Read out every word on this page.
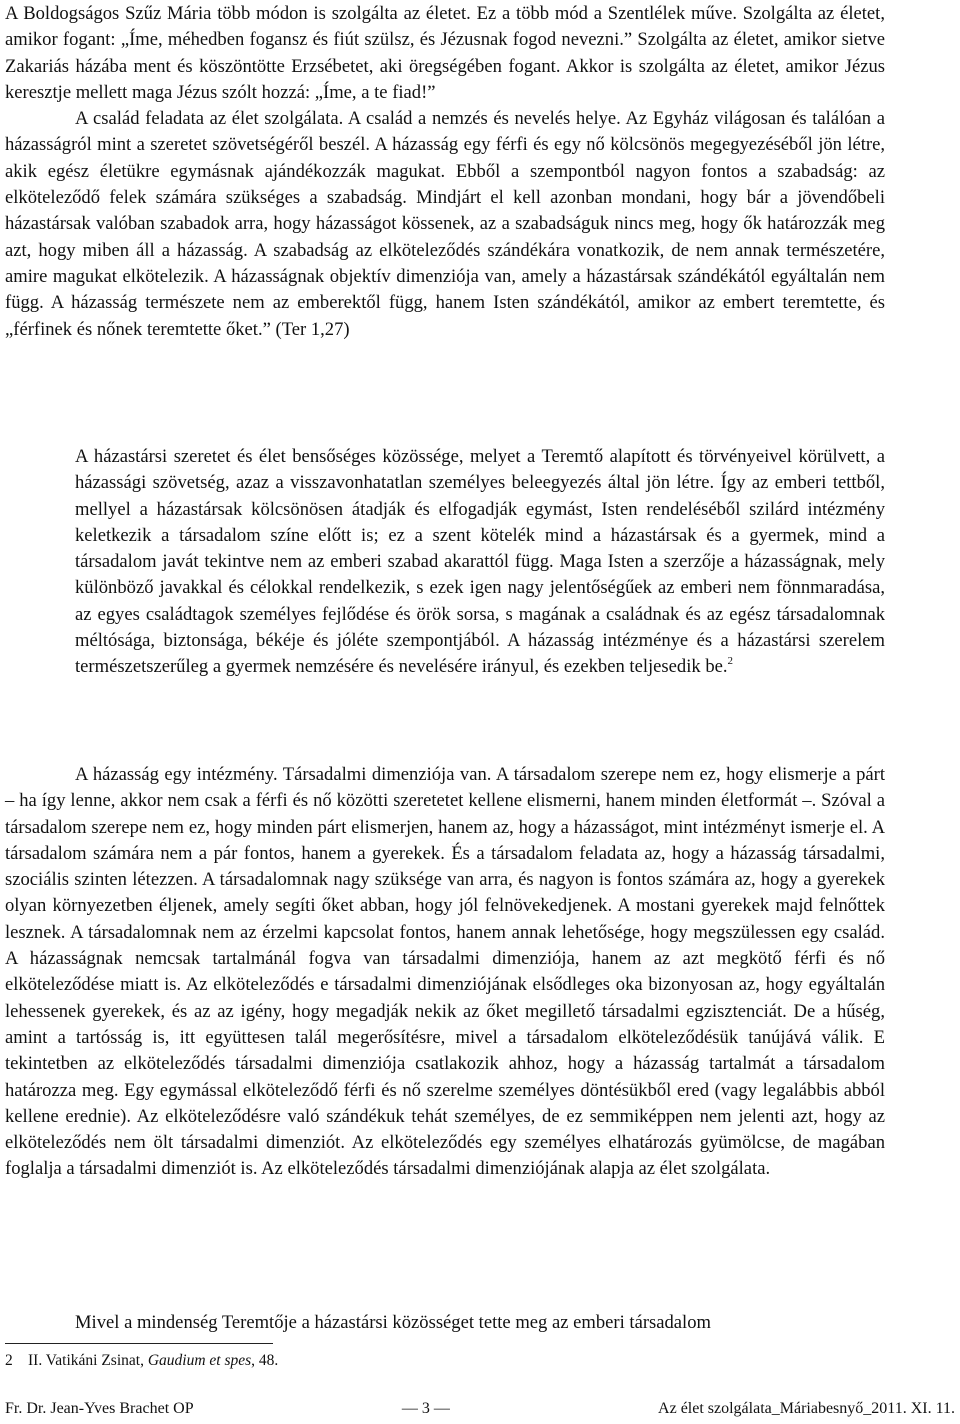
A Boldogságos Szűz Mária több módon is szolgálta az életet. Ez a több mód a Szentlélek műve. Szolgálta az életet, amikor fogant: „Íme, méhedben fogansz és fiút szülsz, és Jézusnak fogod nevezni.” Szolgálta az életet, amikor sietve Zakariás házába ment és köszöntötte Erzsébetet, aki öregségében fogant. Akkor is szolgálta az életet, amikor Jézus keresztje mellett maga Jézus szólt hozzá: „Íme, a te fiad!”
A család feladata az élet szolgálata. A család a nemzés és nevelés helye. Az Egyház világosan és találóan a házasságról mint a szeretet szövetségéről beszél. A házasság egy férfi és egy nő kölcsönös megegyezéséből jön létre, akik egész életükre egymásnak ajándékozzák magukat. Ebből a szempontból nagyon fontos a szabadság: az elköteleződő felek számára szükséges a szabadság. Mindjárt el kell azonban mondani, hogy bár a jövendőbeli házastársak valóban szabadok arra, hogy házasságot kössenek, az a szabadságuk nincs meg, hogy ők határozzák meg azt, hogy miben áll a házasság. A szabadság az elköteleződés szándékára vonatkozik, de nem annak természetére, amire magukat elkötelezik. A házasságnak objektív dimenziója van, amely a házastársak szándékától egyáltalán nem függ. A házasság természete nem az emberektől függ, hanem Isten szándékától, amikor az embert teremtette, és „férfinek és nőnek teremtette őket.” (Ter 1,27)

A házastársi szeretet és élet bensőséges közössége, melyet a Teremtő alapított és törvényeivel körülvett, a házassági szövetség, azaz a visszavonhatatlan személyes beleegyezés által jön létre. Így az emberi tettből, mellyel a házastársak kölcsönösen átadják és elfogadják egymást, Isten rendeléséből szilárd intézmény keletkezik a társadalom színe előtt is; ez a szent kötelék mind a házastársak és a gyermek, mind a társadalom javát tekintve nem az emberi szabad akarattól függ. Maga Isten a szerzője a házasságnak, mely különböző javakkal és célokkal rendelkezik, s ezek igen nagy jelentőségűek az emberi nem fönnmaradása, az egyes családtagok személyes fejlődése és örök sorsa, s magának a családnak és az egész társadalomnak méltósága, biztonsága, békéje és jóléte szempontjából. A házasság intézménye és a házastársi szerelem természetszerűleg a gyermek nemzésére és nevelésére irányul, és ezekben teljesedik be.$^2$

A házasság egy intézmény. Társadalmi dimenziója van. A társadalom szerepe nem ez, hogy elismerje a párt – ha így lenne, akkor nem csak a férfi és nő közötti szeretetet kellene elismerni, hanem minden életformát –. Szóval a társadalom szerepe nem ez, hogy minden párt elismerjen, hanem az, hogy a házasságot, mint intézményt ismerje el. A társadalom számára nem a pár fontos, hanem a gyerekek. És a társadalom feladata az, hogy a házasság társadalmi, szociális szinten létezzen. A társadalomnak nagy szüksége van arra, és nagyon is fontos számára az, hogy a gyerekek olyan környezetben éljenek, amely segíti őket abban, hogy jól felnövekedjenek. A mostani gyerekek majd felnőttek lesznek. A társadalomnak nem az érzelmi kapcsolat fontos, hanem annak lehetősége, hogy megszülessen egy család. A házasságnak nemcsak tartalmánál fogva van társadalmi dimenziója, hanem az azt megkötő férfi és nő elköteleződése miatt is. Az elköteleződés e társadalmi dimenziójának elsődleges oka bizonyosan az, hogy egyáltalán lehessenek gyerekek, és az az igény, hogy megadják nekik az őket megillető társadalmi egzisztenciát. De a hűség, amint a tartósság is, itt együttesen talál megerősítésre, mivel a társadalom elköteleződésük tanújává válik. E tekintetben az elköteleződés társadalmi dimenziója csatlakozik ahhoz, hogy a házasság tartalmát a társadalom határozza meg. Egy egymással elköteleződő férfi és nő szerelme személyes döntésükből ered (vagy legalábbis abból kellene erednie). Az elköteleződésre való szándékuk tehát személyes, de ez semmiképpen nem jelenti azt, hogy az elköteleződés nem ölt társadalmi dimenziót. Az elköteleződés egy személyes elhatározás gyümölcse, de magában foglalja a társadalmi dimenziót is. Az elköteleződés társadalmi dimenziójának alapja az élet szolgálata.

Mivel a mindenség Teremtője a házastársi közösséget tette meg az emberi társadalom

2 II. Vatikáni Zsinat, Gaudium et spes, 48.

Fr. Dr. Jean-Yves Brachet OP	— 3 —	Az élet szolgálata_Máriabesnyő_2011. XI. 11.
